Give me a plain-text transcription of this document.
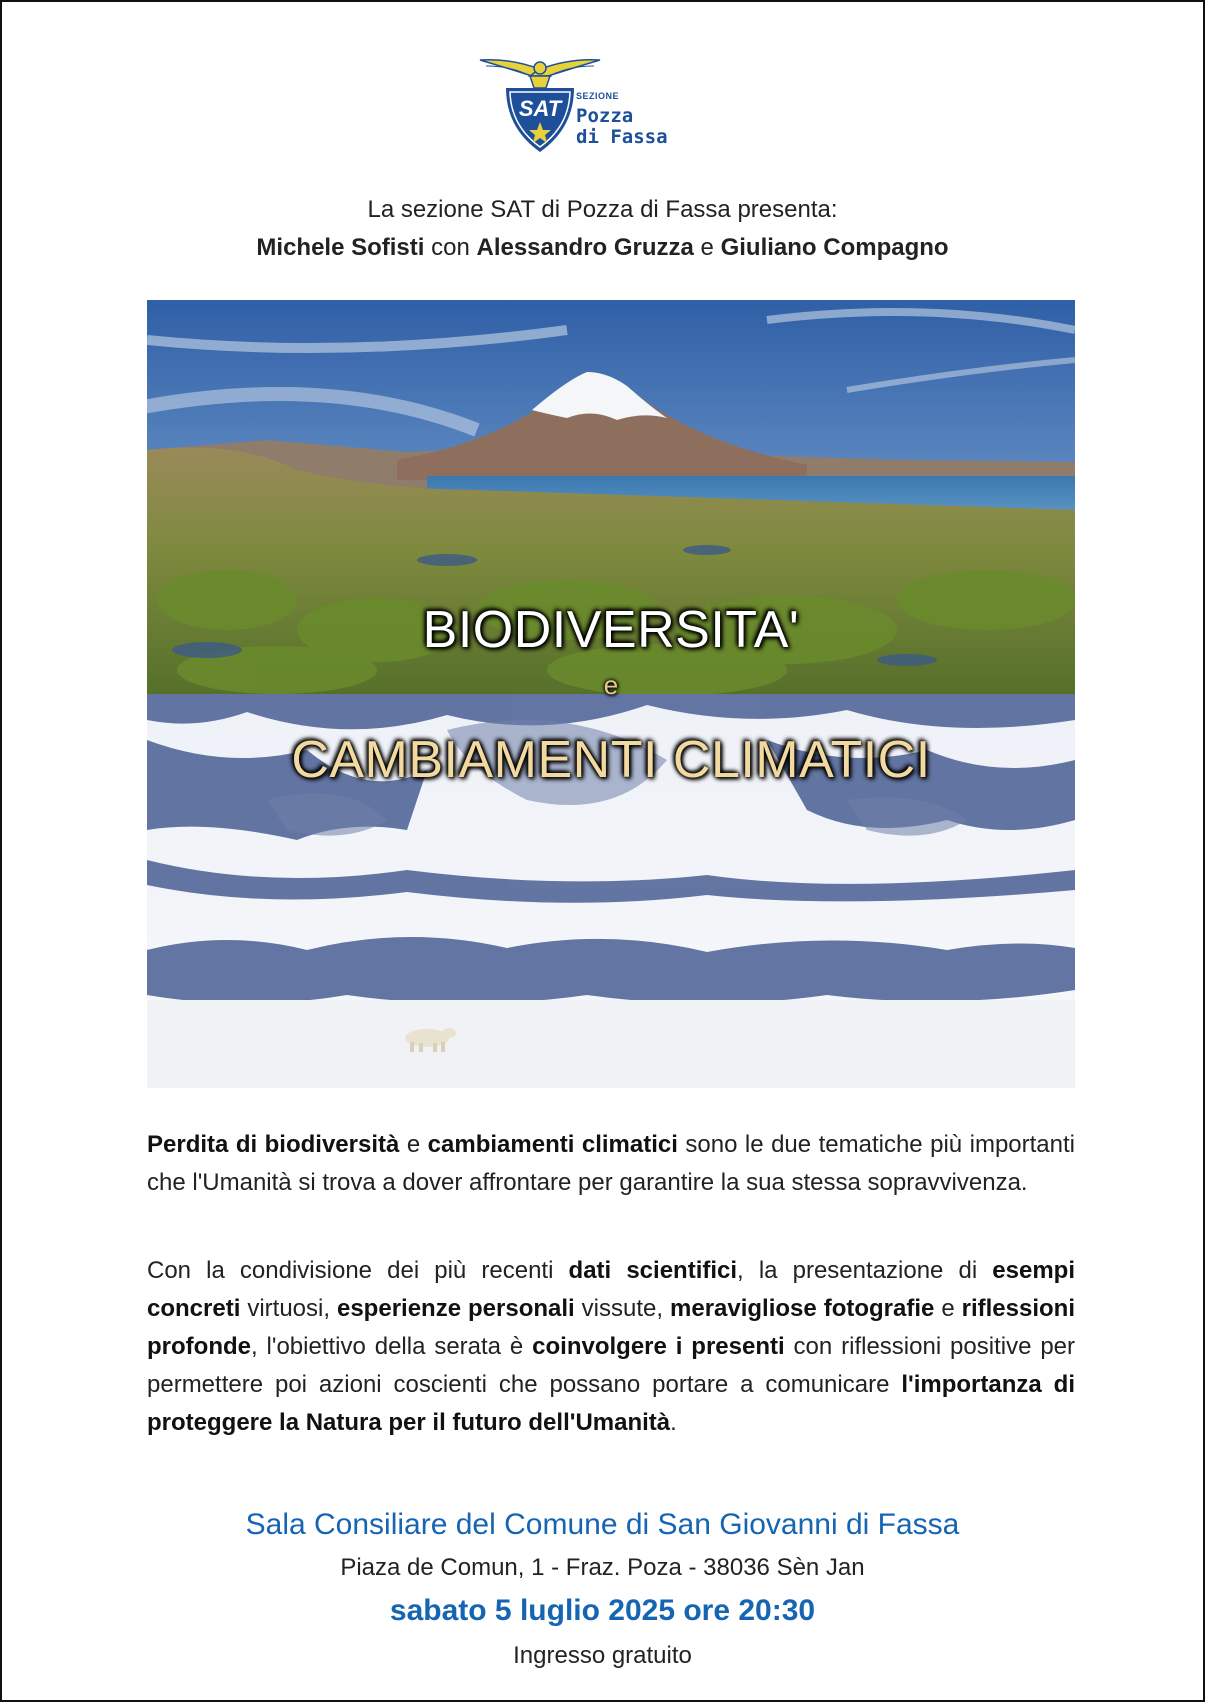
SAT SEZIONE
Pozza
di Fassa
La sezione SAT di Pozza di Fassa presenta:
Michele Sofisti con Alessandro Gruzza e Giuliano Compagno
BIODIVERSITA'
e
CAMBIAMENTI CLIMATICI
Perdita di biodiversità e cambiamenti climatici sono le due tematiche più importanti che l'Umanità si trova a dover affrontare per garantire la sua stessa sopravvivenza.
Con la condivisione dei più recenti dati scientifici, la presentazione di esempi concreti virtuosi, esperienze personali vissute, meravigliose fotografie e riflessioni profonde, l'obiettivo della serata è coinvolgere i presenti con riflessioni positive per permettere poi azioni coscienti che possano portare a comunicare l'importanza di proteggere la Natura per il futuro dell'Umanità.
Sala Consiliare del Comune di San Giovanni di Fassa
Piaza de Comun, 1 - Fraz. Poza - 38036 Sèn Jan
sabato 5 luglio 2025 ore 20:30
Ingresso gratuito
